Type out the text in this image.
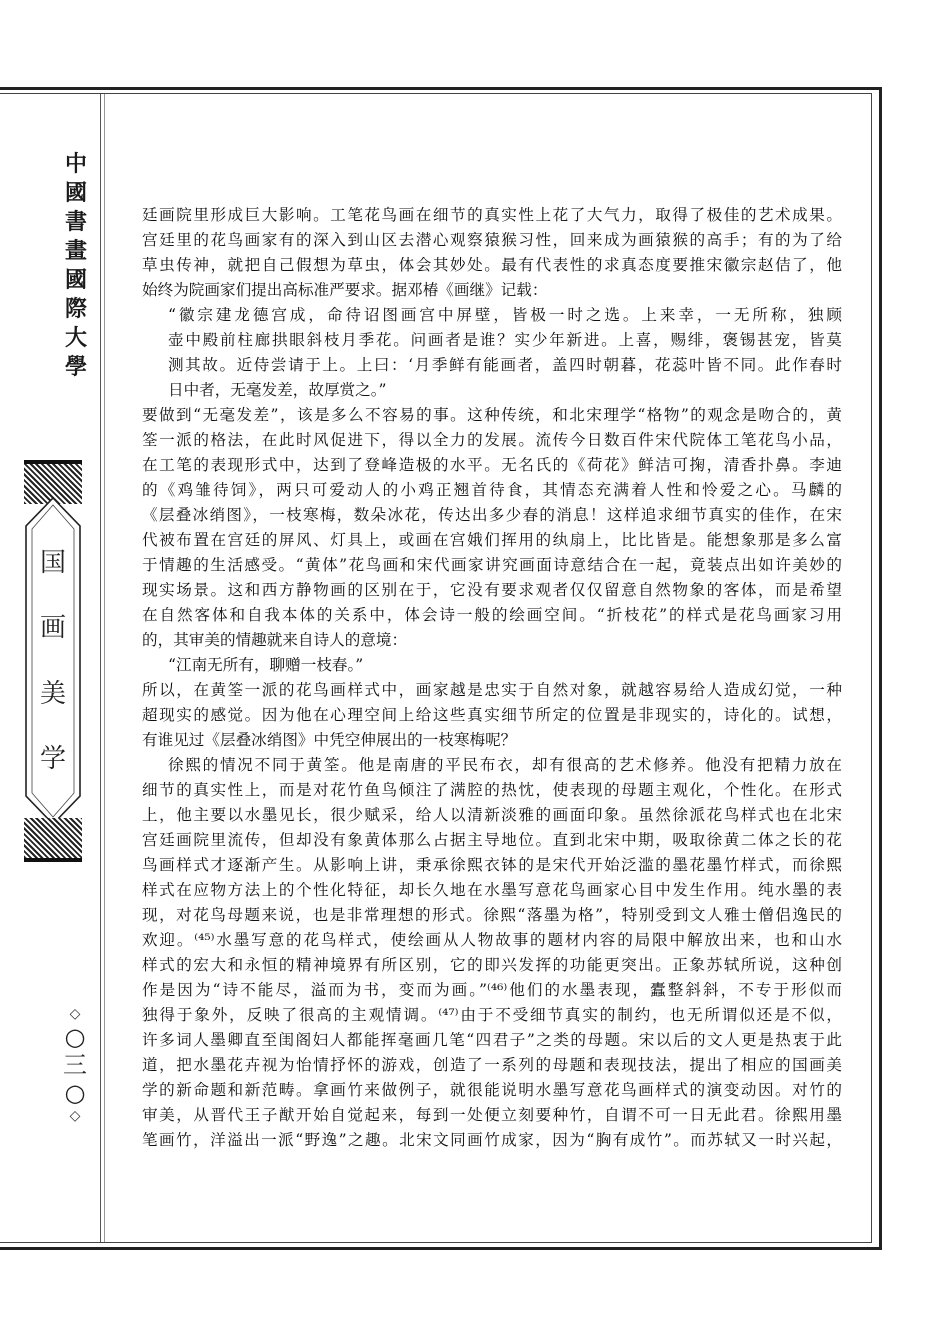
中
國
書
畫
國
際
大
學
国
画
美
学
◇
○
三
○
◇

廷画院里形成巨大影响。工笔花鸟画在细节的真实性上花了大气力，取得了极佳的艺术成果。

宫廷里的花鸟画家有的深入到山区去潜心观察猿猴习性，回来成为画猿猴的高手；有的为了给

草虫传神，就把自己假想为草虫，体会其妙处。最有代表性的求真态度要推宋徽宗赵佶了，他

始终为院画家们提出高标准严要求。据邓椿《画继》记载：

“徽宗建龙德宫成，命待诏图画宫中屏壁，皆极一时之选。上来幸，一无所称，独顾

壶中殿前柱廊拱眼斜枝月季花。问画者是谁？实少年新进。上喜，赐绯，褒锡甚宠，皆莫

测其故。近侍尝请于上。上曰：‘月季鲜有能画者，盖四时朝暮，花蕊叶皆不同。此作春时

日中者，无毫发差，故厚赏之。”

要做到“无毫发差”，该是多么不容易的事。这种传统，和北宋理学“格物”的观念是吻合的，黄

筌一派的格法，在此时风促进下，得以全力的发展。流传今日数百件宋代院体工笔花鸟小品，

在工笔的表现形式中，达到了登峰造极的水平。无名氏的《荷花》鲜洁可掬，清香扑鼻。李迪

的《鸡雏待饲》，两只可爱动人的小鸡正翘首待食，其情态充满着人性和怜爱之心。马麟的

《层叠冰绡图》，一枝寒梅，数朵冰花，传达出多少春的消息！这样追求细节真实的佳作，在宋

代被布置在宫廷的屏风、灯具上，或画在宫娥们挥用的纨扇上，比比皆是。能想象那是多么富

于情趣的生活感受。“黄体”花鸟画和宋代画家讲究画面诗意结合在一起，竟装点出如许美妙的

现实场景。这和西方静物画的区别在于，它没有要求观者仅仅留意自然物象的客体，而是希望

在自然客体和自我本体的关系中，体会诗一般的绘画空间。“折枝花”的样式是花鸟画家习用

的，其审美的情趣就来自诗人的意境：

“江南无所有，聊赠一枝春。”

所以，在黄筌一派的花鸟画样式中，画家越是忠实于自然对象，就越容易给人造成幻觉，一种

超现实的感觉。因为他在心理空间上给这些真实细节所定的位置是非现实的，诗化的。试想，

有谁见过《层叠冰绡图》中凭空伸展出的一枝寒梅呢？

徐熙的情况不同于黄筌。他是南唐的平民布衣，却有很高的艺术修养。他没有把精力放在

细节的真实性上，而是对花竹鱼鸟倾注了满腔的热忱，使表现的母题主观化，个性化。在形式

上，他主要以水墨见长，很少赋采，给人以清新淡雅的画面印象。虽然徐派花鸟样式也在北宋

宫廷画院里流传，但却没有象黄体那么占据主导地位。直到北宋中期，吸取徐黄二体之长的花

鸟画样式才逐渐产生。从影响上讲，秉承徐熙衣钵的是宋代开始泛滥的墨花墨竹样式，而徐熙

样式在应物方法上的个性化特征，却长久地在水墨写意花鸟画家心目中发生作用。纯水墨的表

现，对花鸟母题来说，也是非常理想的形式。徐熙“落墨为格”，特别受到文人雅士僧侣逸民的

欢迎。⁽⁴⁵⁾水墨写意的花鸟样式，使绘画从人物故事的题材内容的局限中解放出来，也和山水

样式的宏大和永恒的精神境界有所区别，它的即兴发挥的功能更突出。正象苏轼所说，这种创

作是因为“诗不能尽，溢而为书，变而为画。”⁽⁴⁶⁾他们的水墨表现，蠹整斜斜，不专于形似而

独得于象外，反映了很高的主观情调。⁽⁴⁷⁾由于不受细节真实的制约，也无所谓似还是不似，

许多词人墨卿直至闺阁妇人都能挥毫画几笔“四君子”之类的母题。宋以后的文人更是热衷于此

道，把水墨花卉视为怡情抒怀的游戏，创造了一系列的母题和表现技法，提出了相应的国画美

学的新命题和新范畴。拿画竹来做例子，就很能说明水墨写意花鸟画样式的演变动因。对竹的

审美，从晋代王子猷开始自觉起来，每到一处便立刻要种竹，自谓不可一日无此君。徐熙用墨

笔画竹，洋溢出一派“野逸”之趣。北宋文同画竹成家，因为“胸有成竹”。而苏轼又一时兴起，
